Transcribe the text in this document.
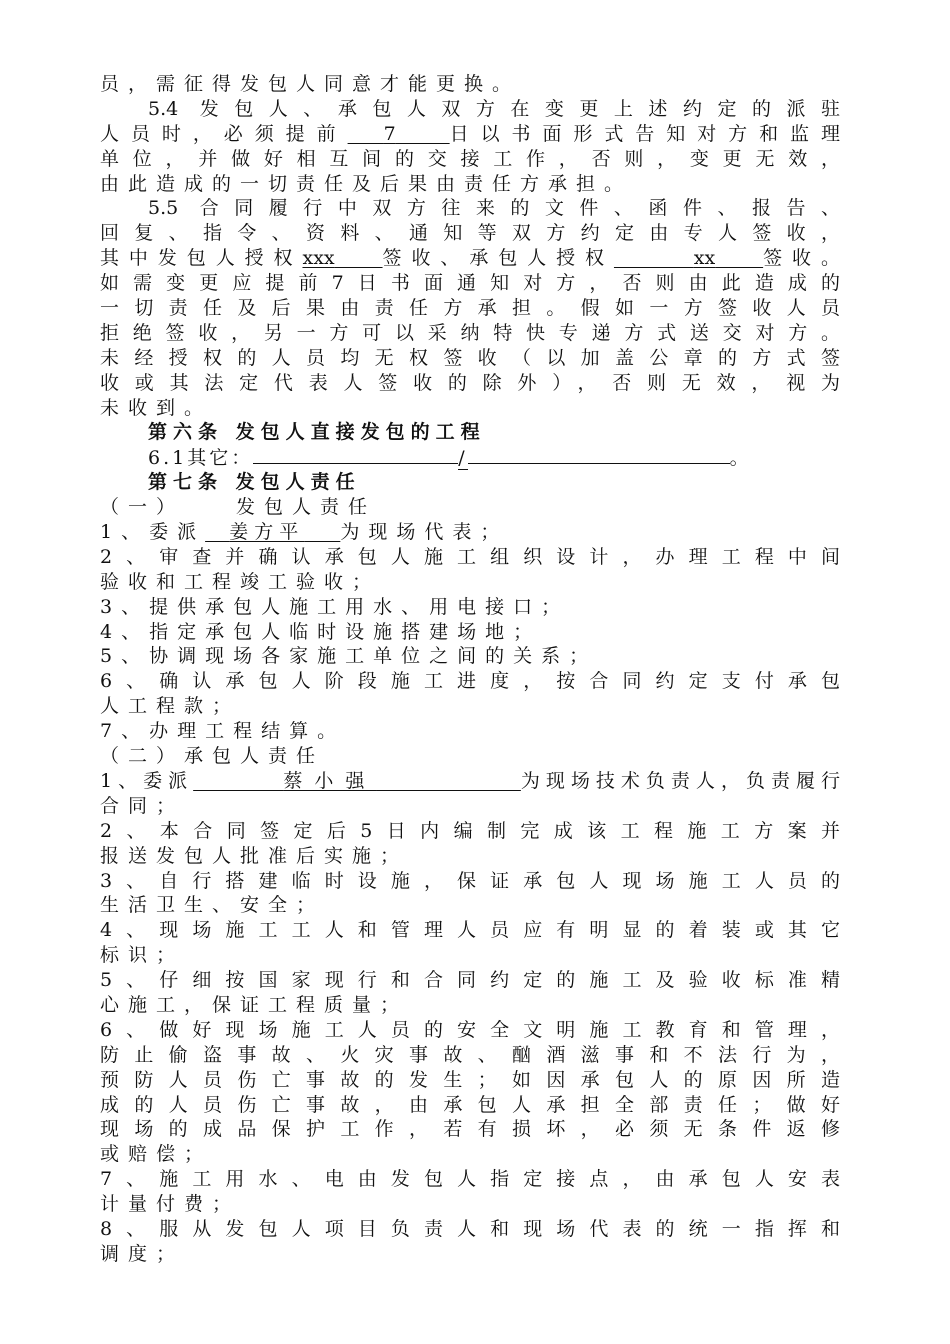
员，需征得发包人同意才能更换。
5.4 发包人、承包人双方在变更上述约定的派驻
人员时，必须提前 7	日以书面形式告知对方和监理
单位，并做好相互间的交接工作，否则，变更无效，
由此造成的一切责任及后果由责任方承担。
5.5 合同履行中双方往来的文件、函件、报告、
回复、指令、资料、通知等双方约定由专人签收，
其中发包人授权xxx	签收、承包人授权	xx	签收。
如需变更应提前7日书面通知对方，否则由此造成的
一切责任及后果由责任方承担。假如一方签收人员
拒绝签收，另一方可以采纳特快专递方式送交对方。
未经授权的人员均无权签收（以加盖公章的方式签
收或其法定代表人签收的除外），否则无效，视为
未收到。
第六条 发包人直接发包的工程
6.1其它：	/	。
第七条 发包人责任
（一）	发包人责任
1、委派 姜方平 为现场代表；
2、审查并确认承包人施工组织设计，办理工程中间
验收和工程竣工验收；
3、提供承包人施工用水、用电接口；
4、指定承包人临时设施搭建场地；
5、协调现场各家施工单位之间的关系；
6、确认承包人阶段施工进度，按合同约定支付承包
人工程款；
7、办理工程结算。
（二）承包人责任
1、委派	蔡小强	为现场技术负责人，负责履行
合同；
2、本合同签定后5日内编制完成该工程施工方案并
报送发包人批准后实施；
3、自行搭建临时设施，保证承包人现场施工人员的
生活卫生、安全；
4、现场施工工人和管理人员应有明显的着装或其它
标识；
5、仔细按国家现行和合同约定的施工及验收标准精
心施工，保证工程质量；
6、做好现场施工人员的安全文明施工教育和管理，
防止偷盗事故、火灾事故、酗酒滋事和不法行为，
预防人员伤亡事故的发生；如因承包人的原因所造
成的人员伤亡事故，由承包人承担全部责任；做好
现场的成品保护工作，若有损坏，必须无条件返修
或赔偿；
7、施工用水、电由发包人指定接点，由承包人安表
计量付费；
8、服从发包人项目负责人和现场代表的统一指挥和
调度；
